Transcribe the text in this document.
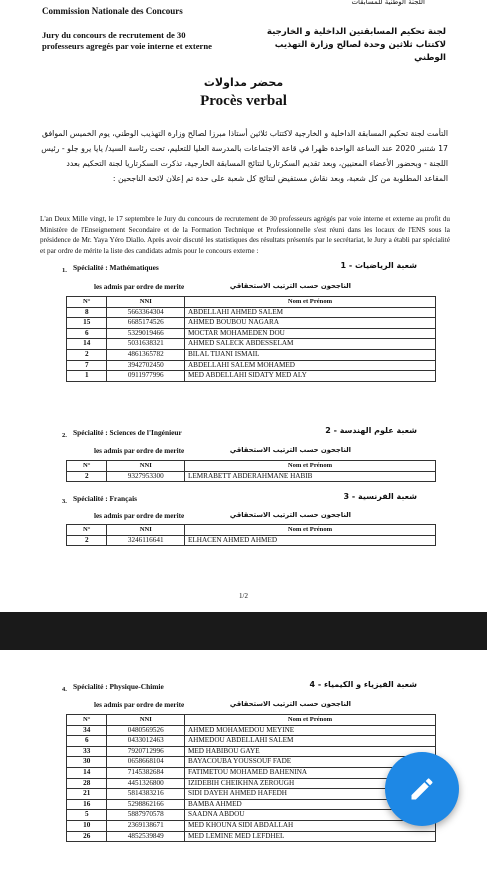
Commission Nationale des Concours
اللجنة الوطنية للمسابقات
Jury du concours de recrutement de 30 professeurs agregés par voie interne et externe
لجنة تحكيم المسابقتين الداخلية و الخارجية لاكتتاب ثلاثين وحدة لصالح وزارة التهذيب الوطني
محضر مداولات
Procès verbal
التأمت لجنة تحكيم المسابقة الداخلية و الخارجية لاكتتاب ثلاثين أستاذا مبرزا لصالح وزارة التهذيب الوطني، يوم الخميس الموافق 17 شتنبر 2020 عند الساعة الواحدة ظهرا في قاعة الاجتماعات بالمدرسة العليا للتعليم، تحت رئاسة السيد/ يايا يرو جلو - رئيس اللجنة - وبحضور الأعضاء المعنيين، وبعد تقديم السكرتاريا لنتائج المسابقة الخارجية، تذكرت السكرتاريا لجنة التحكيم بعدد المقاعد المطلوبة من كل شعبة، وبعد نقاش مستفيض لنتائج كل شعبة على حدة تم إعلان لائحة الناجحين :
L'an Deux Mille vingt, le 17 septembre le Jury du concours de recrutement de 30 professeurs agrégés par voie interne et externe au profit du Ministère de l'Enseignement Secondaire et de la Formation Technique et Professionnelle s'est réuni dans les locaux de l'ENS sous la présidence de Mr. Yaya Yéro Diallo. Après avoir discuté les statistiques des résultats présentés par le secrétariat, le Jury a établi par spécialité et par ordre de mérite la liste des candidats admis pour le concours externe :
1. Spécialité : Mathématiques	شعبة الرياضيات - 1
les admis par ordre de merite	الناجحون حسب الترتيب الاستحقاقي
N°	NNI	Nom et Prénom
8	5663364304	ABDELLAHI AHMED SALEM
15	6685174526	AHMED BOUBOU NAGARA
6	5329019466	MOCTAR MOHAMEDEN DOU
14	5031638321	AHMED SALECK ABDESSELAM
2	4861365782	BILAL TIJANI ISMAIL
7	3942702450	ABDELLAHI SALEM MOHAMED
1	0911977996	MED ABDELLAHI SIDATY MED ALY
2. Spécialité : Sciences de l'Ingénieur	شعبة علوم الهندسة - 2
les admis par ordre de merite	الناجحون حسب الترتيب الاستحقاقي
N°	NNI	Nom et Prénom
2	9327953300	LEMRABETT ABDERAHMANE HABIB
3. Spécialité : Français	شعبة الفرنسية - 3
les admis par ordre de merite	الناجحون حسب الترتيب الاستحقاقي
N°	NNI	Nom et Prénom
2	3246116641	ELHACEN AHMED AHMED
1/2
4. Spécialité : Physique-Chimie	شعبة الفيزياء و الكيمياء - 4
les admis par ordre de merite	الناجحون حسب الترتيب الاستحقاقي
N°	NNI	Nom et Prénom
34	0480569526	AHMED MOHAMEDOU MEYINE
6	0433012463	AHMEDOU ABDELLAHI SALEM
33	7920712996	MED HABIBOU GAYE
30	0658668104	BAYACOUBA YOUSSOUF FADE
14	7145382684	FATIMETOU MOHAMED BAHENINA
28	4451326800	IZIDEBIH CHEIKHNA ZEROUGH
21	5814383216	SIDI DAYEH AHMED HAFEDH
16	5298862166	BAMBA AHMED
5	5887970578	SAADNA ABDOU
10	2369138671	MED KHOUNA SIDI ABDALLAH
26	4852539849	MED LEMINE MED LEFDHEL
